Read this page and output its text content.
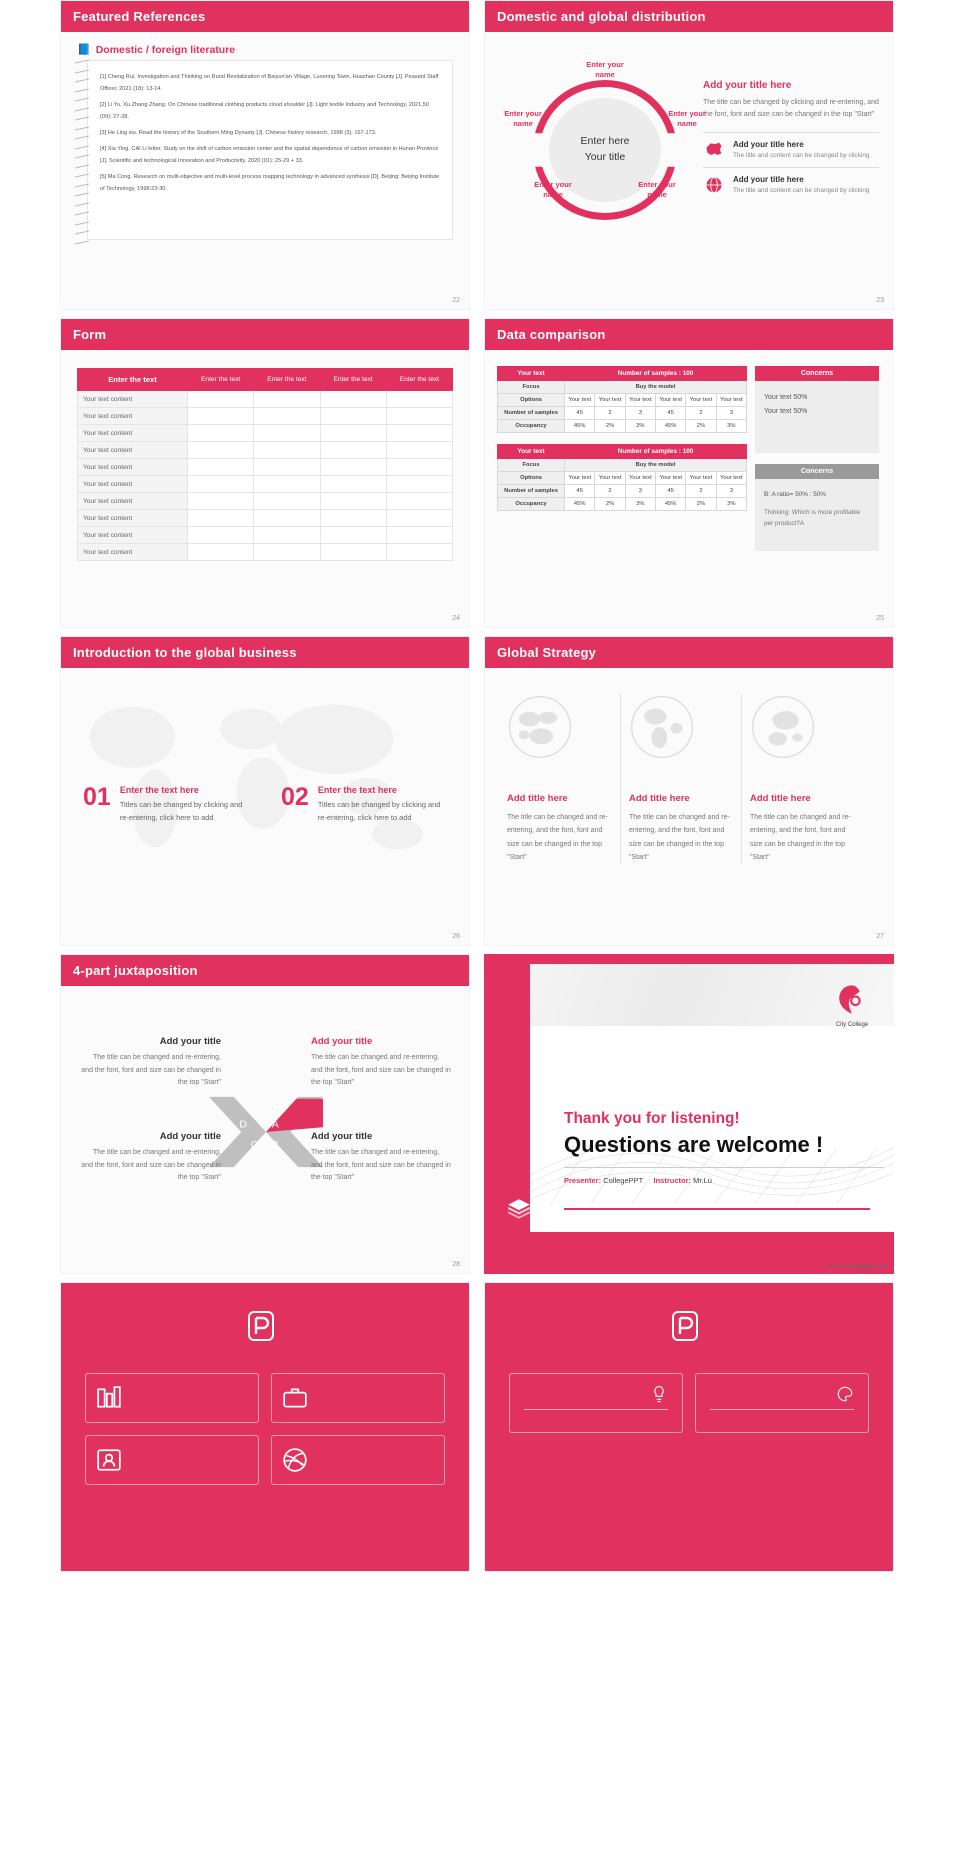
Featured References
📘 Domestic / foreign literature

[1] Cheng Rui. Investigation and Thinking on Rural Revitalization of Baiyun'an Village, Luoering Town, Huashan County [J]. Peasant Staff Officer, 2021 (18): 13-14.

[2] Li Yu, Xu Zhang Zhang. On Chinese traditional clothing products cloud shoulder [J]. Light textile Industry and Technology, 2021,50 (09): 27-28.

[3] He Ling xiu. Read the history of the Southern Ming Dynasty [J]. Chinese history research, 1998 (3): 167-173.

[4] Xia Ying, CAI Li letter. Study on the shift of carbon emission center and the spatial dependence of carbon emission in Hunan Province [J]. Scientific and technological Innovation and Productivity, 2020 (01): 25-29 + 33.

[5] Ma Cong. Research on multi-objective and multi-level process mapping technology in advanced synthesis [D]. Beijing: Beijing Institute of Technology, 1998:23-30.

22
Domestic and global distribution
Enter here
Your title
Enter your name
Enter your name
Enter your name
Enter your name
Enter your name
Add your title here
The title can be changed by clicking and re-entering, and the font, font and size can be changed in the top "Start"
Add your title here

The title and content can be changed by clicking

Add your title here

The title and content can be changed by clicking

23
Form
Enter the text	Enter the text	Enter the text	Enter the text	Enter the text
Your text content				
Your text content				
Your text content				
Your text content				
Your text content				
Your text content				
Your text content				
Your text content				
Your text content				
Your text content				
24
Data comparison
Your text	Number of samples : 100					
Focus	Buy the model					
Options	Your text	Your text	Your text	Your text	Your text	Your text
Number of samples	45	2	3	45	2	3
Occupancy	45%	2%	3%	45%	2%	3%
Your text	Number of samples : 100					
Focus	Buy the model					
Options	Your text	Your text	Your text	Your text	Your text	Your text
Number of samples	45	2	3	45	2	3
Occupancy	45%	2%	3%	45%	2%	3%
Concerns
Your text 50%
Your text 50%
Concerns
B: A ratio= 50% : 50%
Thinking: Which is more profitable per product?A
25
Introduction to the global business
01 Enter the text here
Titles can be changed by clicking and re-entering, click here to add
02 Enter the text here
Titles can be changed by clicking and re-entering, click here to add
26
Global Strategy
Add title here
The title can be changed and re-entering, and the font, font and size can be changed in the top "Start"
Add title here
The title can be changed and re-entering, and the font, font and size can be changed in the top "Start"
Add title here
The title can be changed and re-entering, and the font, font and size can be changed in the top "Start"
27
4-part juxtaposition
D A
C B
Add your title

The title can be changed and re-entering, and the font, font and size can be changed in the top "Start"

Add your title

The title can be changed and re-entering, and the font, font and size can be changed in the top "Start"

Add your title

The title can be changed and re-entering, and the font, font and size can be changed in the top "Start"

Add your title

The title can be changed and re-entering, and the font, font and size can be changed in the top "Start"

28
City College
Thank you for listening!
Questions are welcome !
Presenter: CollegePPT Instructor: Mr.Lu
www.collegeppt.com
